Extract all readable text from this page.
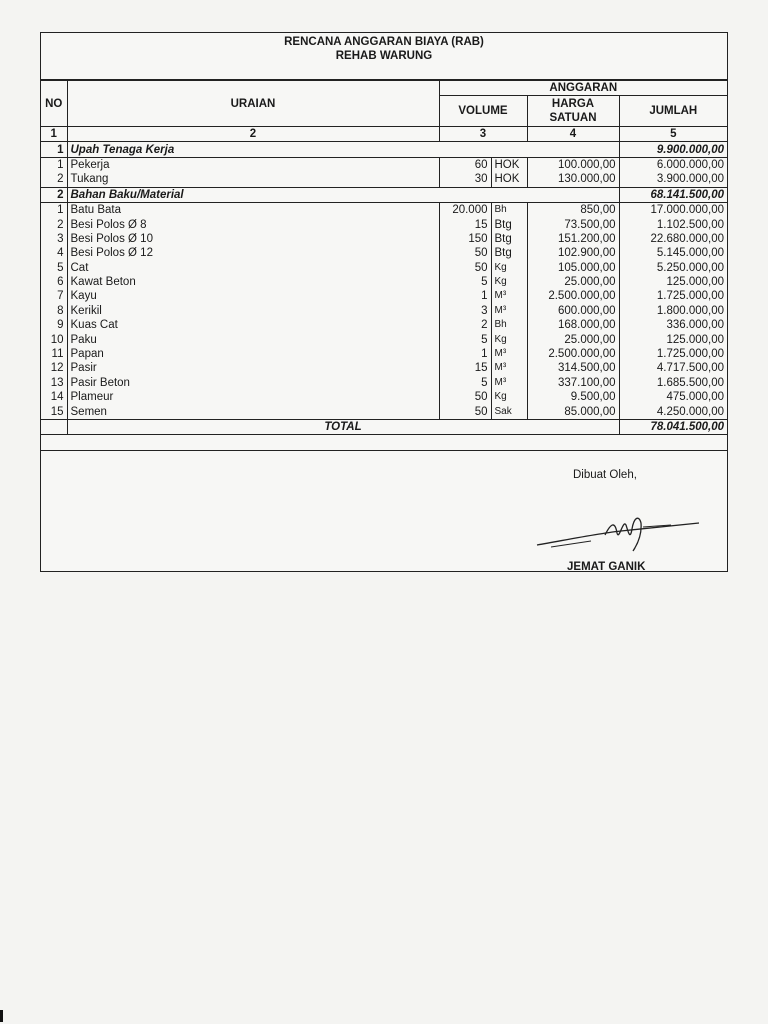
RENCANA ANGGARAN BIAYA (RAB)
REHAB WARUNG
NO	URAIAN	ANGGARAN			
		VOLUME		HARGA SATUAN	JUMLAH
1	2	3		4	5
1	Upah Tenaga Kerja				9.900.000,00
1	Pekerja	60	HOK	100.000,00	6.000.000,00
2	Tukang	30	HOK	130.000,00	3.900.000,00
2	Bahan Baku/Material				68.141.500,00
1	Batu Bata	20.000	Bh	850,00	17.000.000,00
2	Besi Polos Ø 8	15	Btg	73.500,00	1.102.500,00
3	Besi Polos Ø 10	150	Btg	151.200,00	22.680.000,00
4	Besi Polos Ø 12	50	Btg	102.900,00	5.145.000,00
5	Cat	50	Kg	105.000,00	5.250.000,00
6	Kawat Beton	5	Kg	25.000,00	125.000,00
7	Kayu	1	M³	2.500.000,00	1.725.000,00
8	Kerikil	3	M³	600.000,00	1.800.000,00
9	Kuas Cat	2	Bh	168.000,00	336.000,00
10	Paku	5	Kg	25.000,00	125.000,00
11	Papan	1	M³	2.500.000,00	1.725.000,00
12	Pasir	15	M³	314.500,00	4.717.500,00
13	Pasir Beton	5	M³	337.100,00	1.685.500,00
14	Plameur	50	Kg	9.500,00	475.000,00
15	Semen	50	Sak	85.000,00	4.250.000,00
	TOTAL				78.041.500,00
Dibuat Oleh,
JEMAT GANIK
